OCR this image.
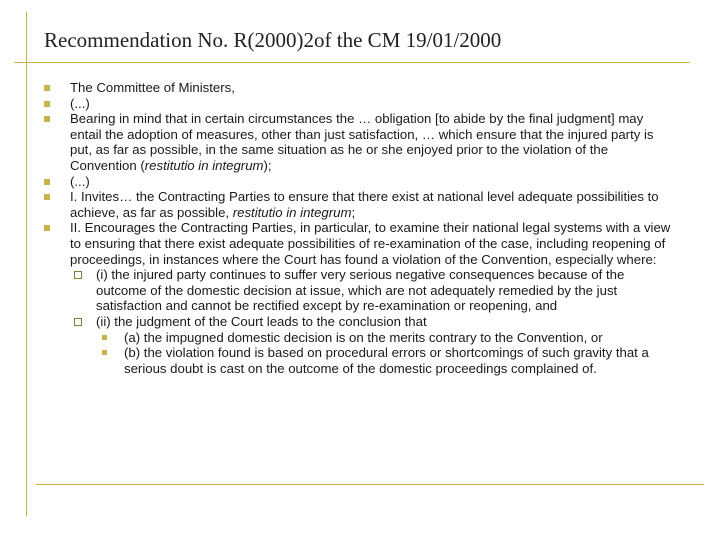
Recommendation No. R(2000)2of the CM 19/01/2000
The Committee of Ministers,
(...)
Bearing in mind that in certain circumstances the … obligation [to abide by the final judgment] may entail the adoption of measures, other than just satisfaction, … which ensure that the injured party is put, as far as possible, in the same situation as he or she enjoyed prior to the violation of the Convention (restitutio in integrum);
(...)
I. Invites… the Contracting Parties to ensure that there exist at national level adequate possibilities to achieve, as far as possible, restitutio in integrum;
II. Encourages the Contracting Parties, in particular, to examine their national legal systems with a view to ensuring that there exist adequate possibilities of re-examination of the case, including reopening of proceedings, in instances where the Court has found a violation of the Convention, especially where:
(i) the injured party continues to suffer very serious negative consequences because of the outcome of the domestic decision at issue, which are not adequately remedied by the just satisfaction and cannot be rectified except by re-examination or reopening, and
(ii) the judgment of the Court leads to the conclusion that
(a) the impugned domestic decision is on the merits contrary to the Convention, or
(b) the violation found is based on procedural errors or shortcomings of such gravity that a serious doubt is cast on the outcome of the domestic proceedings complained of.
